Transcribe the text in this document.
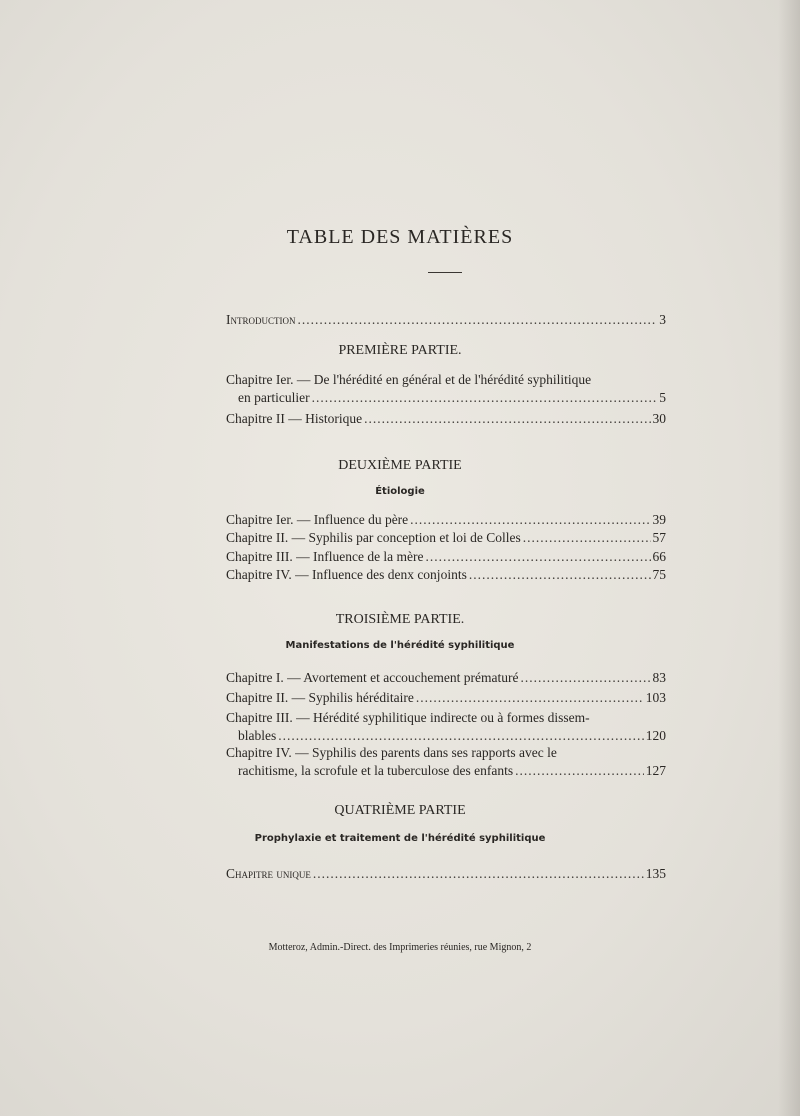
TABLE DES MATIÈRES
Introduction .....	3
PREMIÈRE PARTIE.
Chapitre Ier. — De l'hérédité en général et de l'hérédité syphilitique
en particulier .....	5
Chapitre II — Historique .....	30
DEUXIÈME PARTIE
Étiologie
Chapitre Ier. — Influence du père .....	39
Chapitre II. — Syphilis par conception et loi de Colles .....	57
Chapitre III. — Influence de la mère .....	66
Chapitre IV. — Influence des denx conjoints .....	75
TROISIÈME PARTIE.
Manifestations de l'hérédité syphilitique
Chapitre I. — Avortement et accouchement prématuré .....	83
Chapitre II. — Syphilis héréditaire .....	103
Chapitre III. — Hérédité syphilitique indirecte ou à formes dissem-
blables .....	120
Chapitre IV. — Syphilis des parents dans ses rapports avec le
rachitisme, la scrofule et la tuberculose des enfants .....	127
QUATRIÈME PARTIE
Prophylaxie et traitement de l'hérédité syphilitique
Chapitre unique .....	135
Motteroz, Admin.-Direct. des Imprimeries réunies, rue Mignon, 2
